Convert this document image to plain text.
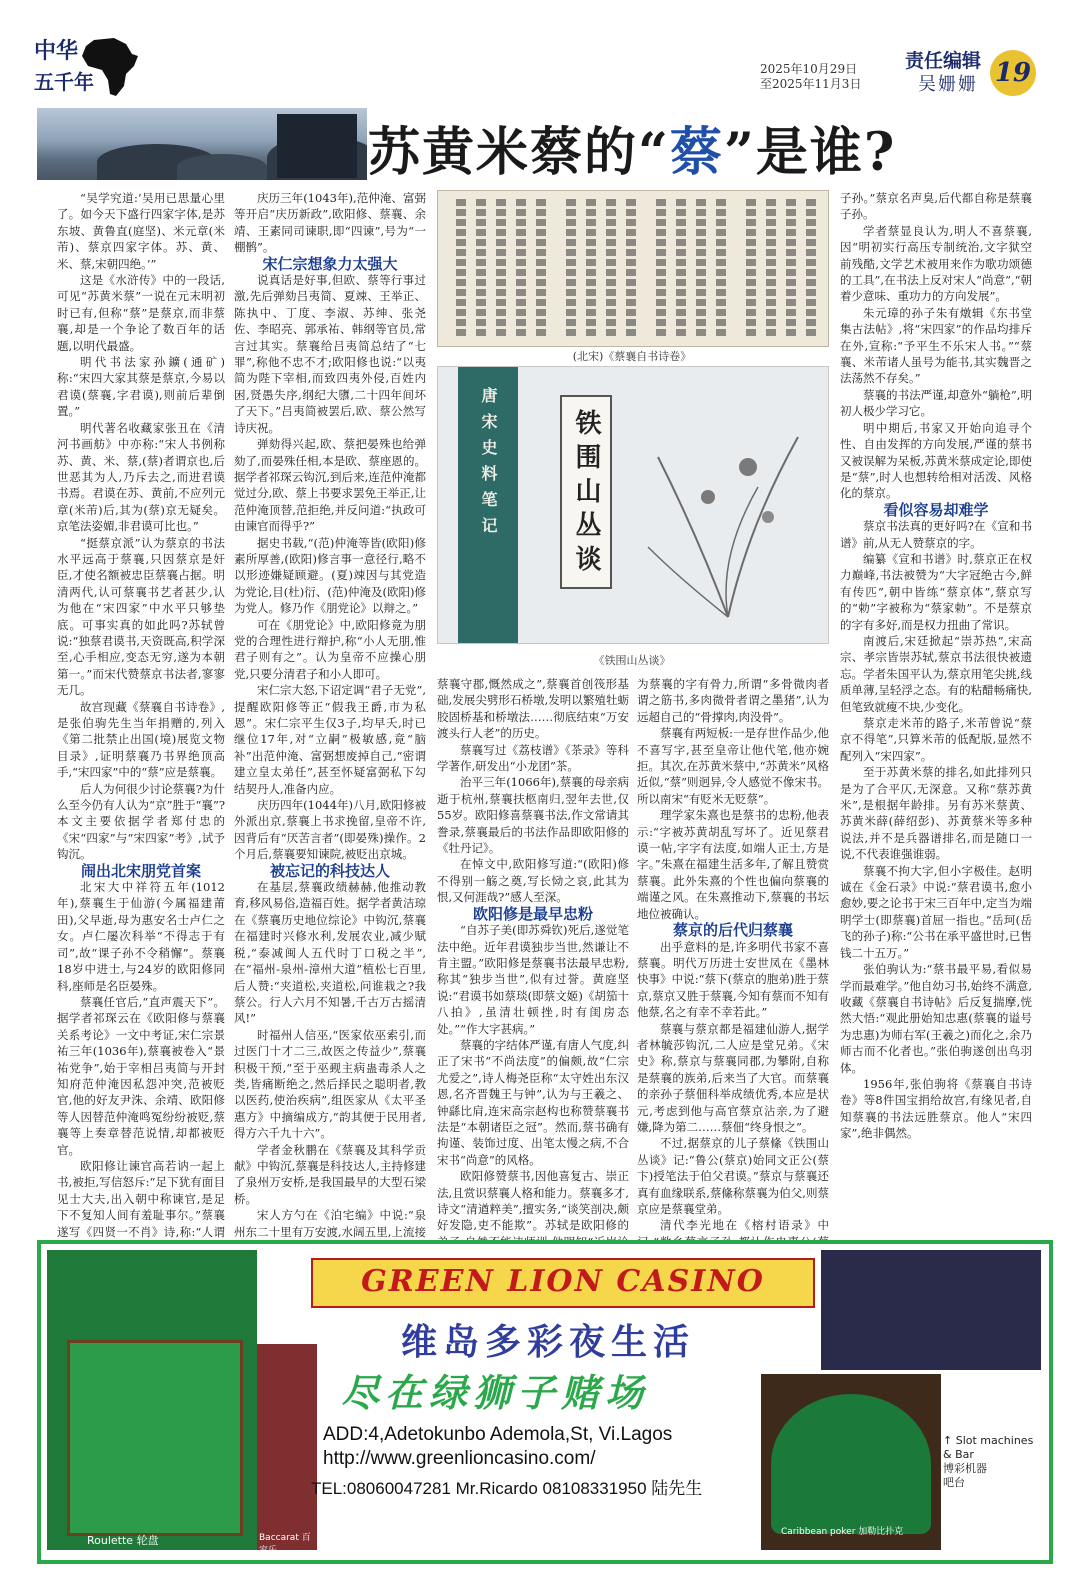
中华
五千年
2025年10月29日
至2025年11月3日
责任编辑
吴姗姗 19
苏黄米蔡的“蔡”是谁?

“吴学究道:‘吴用已思量心里了。如今天下盛行四家字体,是苏东坡、黄鲁直(庭坚)、米元章(米芾)、蔡京四家字体。苏、黄、米、蔡,宋朝四绝。’”

这是《水浒传》中的一段话,可见“苏黄米蔡”一说在元末明初时已有,但称“蔡”是蔡京,而非蔡襄,却是一个争论了数百年的话题,以明代最盛。

明代书法家孙鑛(通矿)称:“宋四大家其蔡是蔡京,今易以君谟(蔡襄,字君谟),则前后辈倒置。”

明代著名收藏家张丑在《清河书画舫》中亦称:“宋人书例称苏、黄、米、蔡,(蔡)者谓京也,后世恶其为人,乃斥去之,而进君谟书焉。君谟在苏、黄前,不应列元章(米芾)后,其为(蔡)京无疑矣。京笔法姿媚,非君谟可比也。”

“挺蔡京派”认为蔡京的书法水平远高于蔡襄,只因蔡京是奸臣,才使名额被忠臣蔡襄占据。明清两代,认可蔡襄书艺者甚少,认为他在“宋四家”中水平只够垫底。可事实真的如此吗?苏轼曾说:“独蔡君谟书,天资既高,积学深至,心手相应,变态无穷,遂为本朝第一。”而宋代赞蔡京书法者,寥寥无几。

故宫现藏《蔡襄自书诗卷》,是张伯驹先生当年捐赠的,列入《第二批禁止出国(境)展览文物目录》,证明蔡襄乃书界绝顶高手,“宋四家”中的“蔡”应是蔡襄。

后人为何很少讨论蔡襄?为什么至今仍有人认为“京”胜于“襄”?本文主要依据学者郑付忠的《宋“四家”与“宋四家”考》,试予钩沉。

闹出北宋朋党首案

北宋大中祥符五年(1012年),蔡襄生于仙游(今属福建莆田),父早逝,母为惠安名士卢仁之女。卢仁屡次科举“不得志于有司”,故“课子孙不令稍懈”。蔡襄18岁中进士,与24岁的欧阳修同科,座师是名臣晏殊。

蔡襄任官后,“直声震天下”。据学者祁琛云在《欧阳修与蔡襄关系考论》一文中考证,宋仁宗景祐三年(1036年),蔡襄被卷入“景祐党争”,始于宰相吕夷简与开封知府范仲淹因私怨冲突,范被贬官,他的好友尹洙、余靖、欧阳修等人因替范仲淹鸣冤纷纷被贬,蔡襄等上奏章替范说情,却都被贬官。

欧阳修让谏官高若讷一起上书,被拒,写信怒斥:“足下犹有面目见士大夫,出入朝中称谏官,是足下不复知人间有羞耻事尔。”蔡襄遂写《四贤一不肖》诗,称:“人谓

庆历三年(1043年),范仲淹、富弼等开启“庆历新政”,欧阳修、蔡襄、余靖、王素同司谏职,即“四谏”,号为“一棚鹘”。

宋仁宗想象力太强大

说真话是好事,但欧、蔡等行事过激,先后弹劾吕夷简、夏竦、王举正、陈执中、丁度、李淑、苏绅、张尧佐、李昭亮、郭承祐、韩纲等官员,常言过其实。蔡襄给吕夷简总结了“七罪”,称他不忠不才;欧阳修也说:“以夷简为陛下宰相,而致四夷外侵,百姓内困,贤愚失序,纲纪大隳,二十四年间坏了天下。”吕夷简被罢后,欧、蔡公然写诗庆祝。

弹劾得兴起,欧、蔡把晏殊也给弹劾了,而晏殊任相,本是欧、蔡座恩的。据学者祁琛云钩沉,到后来,连范仲淹都觉过分,欧、蔡上书要求罢免王举正,让范仲淹顶替,范拒绝,并反问道:“执政可由谏官而得乎?”

据史书载,“(范)仲淹等皆(欧阳)修素所厚善,(欧阳)修言事一意径行,略不以形迹嫌疑顾避。(夏)竦因与其党造为党论,目(杜)衍、(范)仲淹及(欧阳)修为党人。修乃作《朋党论》以辩之。”

可在《朋党论》中,欧阳修竟为朋党的合理性进行辩护,称“小人无朋,惟君子则有之”。认为皇帝不应操心朋党,只要分清君子和小人即可。

宋仁宗大怒,下诏定调“君子无党”,提醒欧阳修等正“假我王爵,市为私恩”。宋仁宗平生仅3子,均早夭,时已继位17年,对“立嗣”极敏感,竟“脑补”出范仲淹、富弼想废掉自己,“密谓建立皇太弟任”,甚至怀疑富弼私下勾结契丹人,准备内应。

庆历四年(1044年)八月,欧阳修被外派出京,蔡襄上书求挽留,皇帝不许,因背后有“厌苦言者”(即晏殊)操作。2个月后,蔡襄要知谏院,被贬出京城。

被忘记的科技达人

在基层,蔡襄政绩赫赫,他推动教育,移风易俗,造福百姓。据学者黄洁琼在《蔡襄历史地位综论》中钩沉,蔡襄在福建时兴修水利,发展农业,减少赋税,“泰减闽人五代时丁口税之半”,在“福州-泉州-漳州大道”植松七百里,后人赞:“夹道松,夹道松,问谁栽之?我蔡公。行人六月不知暑,千古万古摇清风!”

时福州人信巫,“医家依巫索引,而过医门十才二三,故医之传益少”,蔡襄积极干预,“至于巫觋主病蛊毒杀人之类,皆痛断绝之,然后择民之聪明者,教以医药,使治疾病”,组医家从《太平圣惠方》中摘编成方,“韵其便于民用者,得方六千九十六”。

学者金秋鹏在《蔡襄及其科学贡献》中钩沉,蔡襄是科技达人,主持修建了泉州万安桥,是我国最早的大型石梁桥。

宋人方勺在《泊宅编》中说:“泉州东二十里有万安渡,水阔五里,上流接

(北宋)《蔡襄自书诗卷》
唐宋史料笔记	铁围山丛谈
《铁围山丛谈》

蔡襄守郡,慨然成之”,蔡襄首创筏形基础,发展尖劈形石桥墩,发明以繁殖牡蛎胶固桥基和桥墩法……彻底结束“万安渡头行人老”的历史。

蔡襄写过《荔枝谱》《茶录》等科学著作,研发出“小龙团”茶。

治平三年(1066年),蔡襄的母亲病逝于杭州,蔡襄扶柩南归,翌年去世,仅55岁。欧阳修喜蔡襄书法,作文常请其誊录,蔡襄最后的书法作品即欧阳修的《牡丹记》。

在悼文中,欧阳修写道:“(欧阳)修不得别一觞之奠,写长恸之哀,此其为恨,又何涯哉?”感人至深。

欧阳修是最早忠粉

“自苏子美(即苏舜钦)死后,遂觉笔法中绝。近年君谟独步当世,然谦让不肯主盟。”欧阳修是蔡襄书法最早忠粉,称其“独步当世”,似有过誉。黄庭坚说:“君谟书如蔡琰(即蔡文姬)《胡笳十八拍》,虽清壮顿挫,时有闺房态处。”“作大字甚病。”

蔡襄的字结体严谨,有唐人气度,纠正了宋书“不尚法度”的偏颇,故“仁宗尤爱之”,诗人梅尧臣称“太守姓出东汉恩,名齐晋魏王与钟”,认为与王羲之、钟繇比肩,连宋高宗赵构也称赞蔡襄书法是“本朝诸臣之冠”。然而,蔡书确有拘谨、装饰过度、出笔太慢之病,不合宋书“尚意”的风格。

欧阳修赞蔡书,因他喜复古、崇正法,且赏识蔡襄人格和能力。蔡襄多才,诗文“清遒粹美”,擅实务,“谈笑剖决,颇好发隐,吏不能欺”。苏轼是欧阳修的

为蔡襄的字有骨力,所谓“多骨微肉者谓之筋书,多肉微骨者谓之墨猪”,认为远超自己的“骨撑肉,肉没骨”。

蔡襄有两短板:一是存世作品少,他不喜写字,甚至皇帝让他代笔,他亦婉拒。其次,在苏黄米蔡中,“苏黄米”风格近似,“蔡”则迥异,令人感觉不像宋书。所以南宋“有贬米无贬蔡”。

理学家朱熹也是蔡书的忠粉,他表示:“字被苏黄胡乱写坏了。近见蔡君谟一帖,字字有法度,如端人正士,方是字。”朱熹在福建生活多年,了解且赞赏蔡襄。此外朱熹的个性也偏向蔡襄的端谨之风。在朱熹推动下,蔡襄的书坛地位被确认。

蔡京的后代归蔡襄

出乎意料的是,许多明代书家不喜蔡襄。明代万历进士安世凤在《墨林快事》中说:“蔡下(蔡京的胞弟)胜于蔡京,蔡京又胜于蔡襄,今知有蔡而不知有他蔡,名之有幸不幸若此。”

蔡襄与蔡京都是福建仙游人,据学者林毓莎钩沉,二人应是堂兄弟。《宋史》称,蔡京与蔡襄同郡,为攀附,自称是蔡襄的族弟,后来当了大官。而蔡襄的亲孙子蔡佃科举成绩优秀,本应是状元,考虑到他与高官蔡京沾亲,为了避嫌,降为第二……蔡佃“终身恨之”。

不过,据蔡京的儿子蔡絛《铁围山丛谈》记:“鲁公(蔡京)始同文正公(蔡卞)授笔法于伯父君谟。”蔡京与蔡襄还真有血缘联系,蔡絛称蔡襄为伯父,则蔡京应是蔡襄堂弟。

清代李光地在《榕村语录》中

子孙。”蔡京名声臭,后代都自称是蔡襄子孙。

学者蔡显良认为,明人不喜蔡襄,因“明初实行高压专制统治,文字狱空前残酷,文学艺术被用来作为歌功颂德的工具”,在书法上反对宋人“尚意”,“朝着少意味、重功力的方向发展”。

朱元璋的孙子朱有燉辑《东书堂集古法帖》,将“宋四家”的作品均排斥在外,宣称:“予平生不乐宋人书。”“蔡襄、米芾诸人虽号为能书,其实魏晋之法荡然不存矣。”

蔡襄的书法严谨,却意外“躺枪”,明初人极少学习它。

明中期后,书家又开始向追寻个性、自由发挥的方向发展,严谨的蔡书又被误解为呆板,苏黄米蔡成定论,即使是“蔡”,时人也想转给相对活泼、风格化的蔡京。

看似容易却难学

蔡京书法真的更好吗?在《宣和书谱》前,从无人赞蔡京的字。

编纂《宣和书谱》时,蔡京正在权力巅峰,书法被赞为“大字冠绝古今,鲜有传匹”,朝中皆练“蔡京体”,蔡京写的“勅”字被称为“蔡家勅”。不是蔡京的字有多好,而是权力扭曲了常识。

南渡后,宋廷掀起“崇苏热”,宋高宗、孝宗皆崇苏轼,蔡京书法很快被遗忘。学者朱国平认为,蔡京用笔尖挑,线质单薄,呈轻浮之态。有的粘醋畅痛快,但笔致就瘦不块,少变化。

蔡京走米芾的路子,米芾曾说“蔡京不得笔”,只算米芾的低配版,显然不配列入“宋四家”。

至于苏黄米蔡的排名,如此排列只是为了合平仄,无深意。又称“蔡苏黄米”,是根据年龄排。另有苏米蔡黄、苏黄米薛(薛绍彭)、苏黄蔡米等多种说法,并不是兵器谱排名,而是随口一说,不代表谁强谁弱。

蔡襄不拘大字,但小字极佳。赵明诚在《金石录》中说:“蔡君谟书,愈小愈妙,要之论书于宋三百年中,定当为端明学士(即蔡襄)首屈一指也。”岳珂(岳飞的孙子)称:“公书在承平盛世时,已售钱二十五万。”

张伯驹认为:“蔡书最平易,看似易学而最难学。”他自幼习书,始终不满意,收藏《蔡襄自书诗帖》后反复揣摩,恍然大悟:“观此册始知忠惠(蔡襄的谥号为忠惠)为师右军(王羲之)而化之,余乃师古而不化者也。”张伯驹遂创出鸟羽体。

1956年,张伯驹将《蔡襄自书诗卷》等8件国宝捐给故宫,有缘见者,自知蔡襄的书法远胜蔡京。他人“宋四家”,绝非偶然。

Roulette 轮盘	Baccarat 百家乐
GREEN LION CASINO
维岛多彩夜生活
尽在绿狮子赌场
ADD:4,Adetokunbo Ademola,St, Vi.Lagos
http://www.greenlioncasino.com/
TEL:08060047281 Mr.Ricardo 08108331950 陆先生
Caribbean poker 加勒比扑克
↑ Slot machines
& Bar
博彩机器
吧台
